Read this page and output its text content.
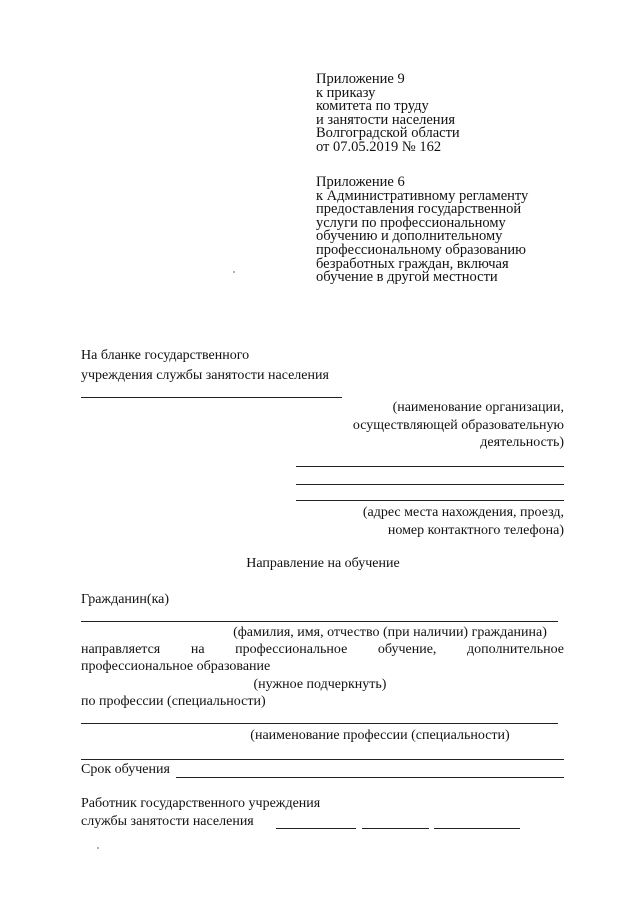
Приложение 9
к приказу
комитета по труду
и занятости населения
Волгоградской области
от 07.05.2019 № 162
Приложение 6
к Административному регламенту
предоставления государственной
услуги по профессиональному
обучению и дополнительному
профессиональному образованию
безработных граждан, включая
обучение в другой местности
На бланке государственного
учреждения службы занятости населения
(наименование организации,
осуществляющей образовательную
деятельность)
(адрес места нахождения, проезд,
номер контактного телефона)
Направление на обучение
Гражданин(ка)
(фамилия, имя, отчество (при наличии) гражданина)
направляется на профессиональное обучение, дополнительное
профессиональное образование
(нужное подчеркнуть)
по профессии (специальности)
(наименование профессии (специальности)
Срок обучения
Работник государственного учреждения
службы занятости населения
